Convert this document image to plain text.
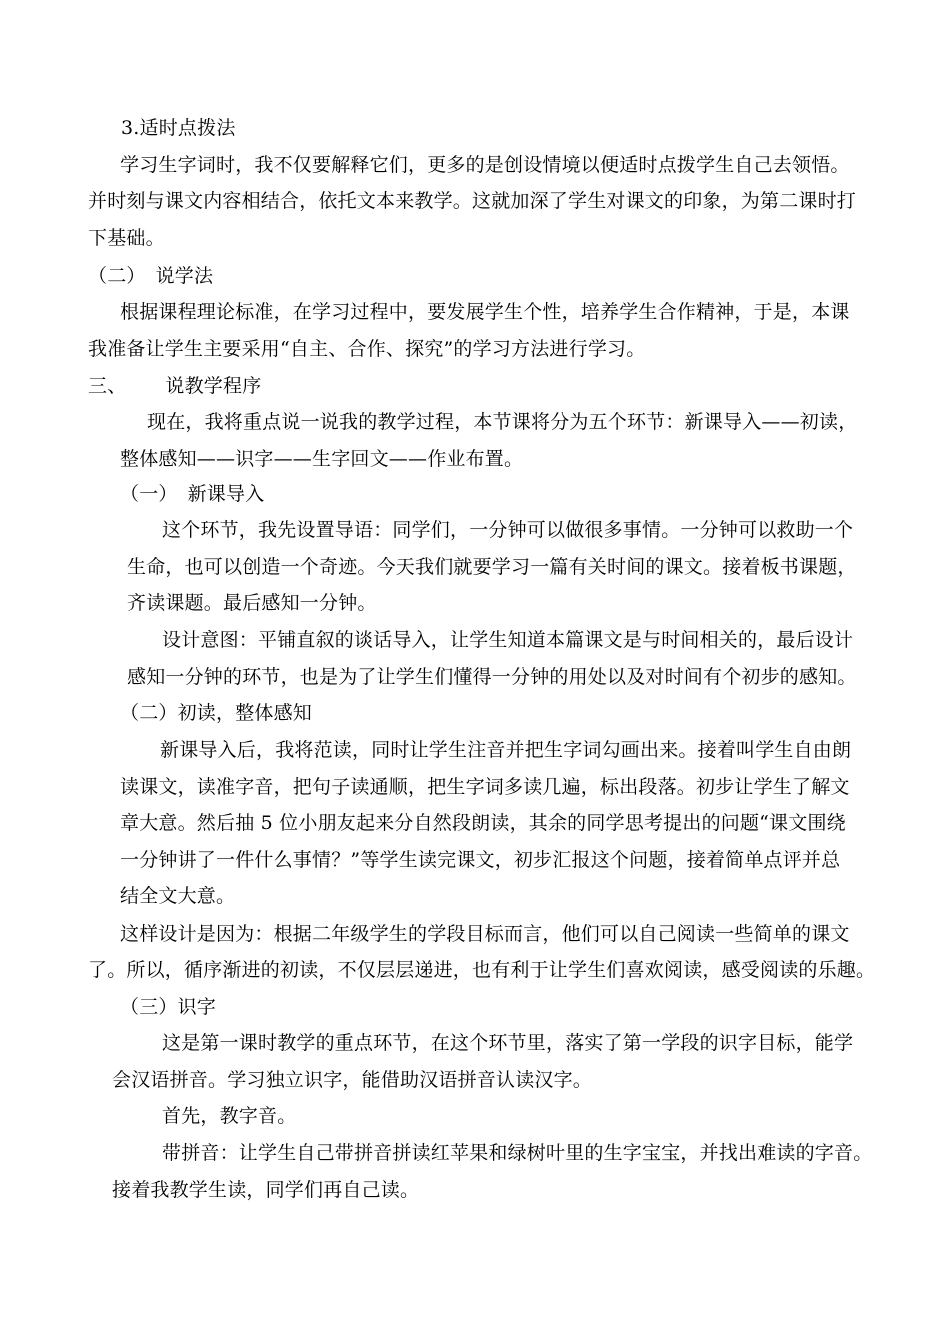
3.适时点拨法
学习生字词时，我不仅要解释它们，更多的是创设情境以便适时点拨学生自己去领悟。
并时刻与课文内容相结合，依托文本来教学。这就加深了学生对课文的印象，为第二课时打
下基础。
（二） 说学法
根据课程理论标准，在学习过程中，要发展学生个性，培养学生合作精神，于是，本课
我准备让学生主要采用“自主、合作、探究”的学习方法进行学习。
三、 说教学程序
现在，我将重点说一说我的教学过程，本节课将分为五个环节：新课导入——初读，
整体感知——识字——生字回文——作业布置。
（一） 新课导入
这个环节，我先设置导语：同学们，一分钟可以做很多事情。一分钟可以救助一个
生命，也可以创造一个奇迹。今天我们就要学习一篇有关时间的课文。接着板书课题，
齐读课题。最后感知一分钟。
设计意图：平铺直叙的谈话导入，让学生知道本篇课文是与时间相关的，最后设计
感知一分钟的环节，也是为了让学生们懂得一分钟的用处以及对时间有个初步的感知。
（二）初读，整体感知
新课导入后，我将范读，同时让学生注音并把生字词勾画出来。接着叫学生自由朗
读课文，读准字音，把句子读通顺，把生字词多读几遍，标出段落。初步让学生了解文
章大意。然后抽 5 位小朋友起来分自然段朗读，其余的同学思考提出的问题“课文围绕
一分钟讲了一件什么事情？”等学生读完课文，初步汇报这个问题，接着简单点评并总
结全文大意。
这样设计是因为：根据二年级学生的学段目标而言，他们可以自己阅读一些简单的课文
了。所以，循序渐进的初读，不仅层层递进，也有利于让学生们喜欢阅读，感受阅读的乐趣。
（三）识字
这是第一课时教学的重点环节，在这个环节里，落实了第一学段的识字目标，能学
会汉语拼音。学习独立识字，能借助汉语拼音认读汉字。
首先，教字音。
带拼音：让学生自己带拼音拼读红苹果和绿树叶里的生字宝宝，并找出难读的字音。
接着我教学生读，同学们再自己读。
